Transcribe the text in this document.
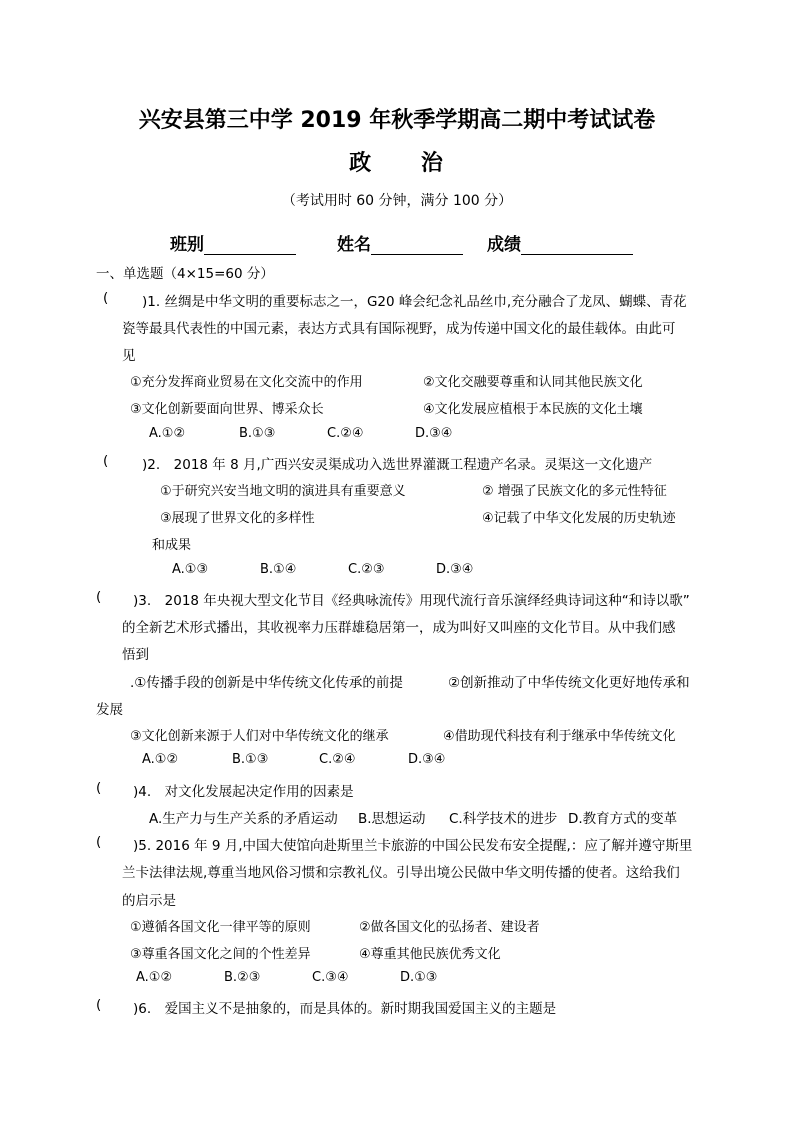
兴安县第三中学 2019 年秋季学期高二期中考试试卷
政 治
（考试用时 60 分钟，满分 100 分）
班别	姓名	成绩
一、单选题（4×15=60 分）
( )1. 丝绸是中华文明的重要标志之一，G20 峰会纪念礼品丝巾,充分融合了龙凤、蝴蝶、青花
瓷等最具代表性的中国元素，表达方式具有国际视野，成为传递中国文化的最佳载体。由此可
见
①充分发挥商业贸易在文化交流中的作用	②文化交融要尊重和认同其他民族文化
③文化创新要面向世界、博采众长	④文化发展应植根于本民族的文化土壤
A.①②	B.①③	C.②④	D.③④
( )2.　2018 年 8 月,广西兴安灵渠成功入选世界灌溉工程遗产名录。灵渠这一文化遗产
①于研究兴安当地文明的演进具有重要意义	② 增强了民族文化的多元性特征
③展现了世界文化的多样性	④记载了中华文化发展的历史轨迹
和成果
A.①③	B.①④	C.②③	D.③④
( )3.　2018 年央视大型文化节目《经典咏流传》用现代流行音乐演绎经典诗词这种“和诗以歌”
的全新艺术形式播出，其收视率力压群雄稳居第一，成为叫好又叫座的文化节目。从中我们感
悟到
.①传播手段的创新是中华传统文化传承的前提	②创新推动了中华传统文化更好地传承和
发展
③文化创新来源于人们对中华传统文化的继承	④借助现代科技有利于继承中华传统文化
A.①②	B.①③	C.②④	D.③④
( )4.　对文化发展起决定作用的因素是
A.生产力与生产关系的矛盾运动 B.思想运动 C.科学技术的进步 D.教育方式的变革
( )5. 2016 年 9 月,中国大使馆向赴斯里兰卡旅游的中国公民发布安全提醒,：应了解并遵守斯里
兰卡法律法规,尊重当地风俗习惯和宗教礼仪。引导出境公民做中华文明传播的使者。这给我们
的启示是
①遵循各国文化一律平等的原则	②做各国文化的弘扬者、建设者
③尊重各国文化之间的个性差异	④尊重其他民族优秀文化
A.①②	B.②③	C.③④	D.①③
( )6.　爱国主义不是抽象的，而是具体的。新时期我国爱国主义的主题是
